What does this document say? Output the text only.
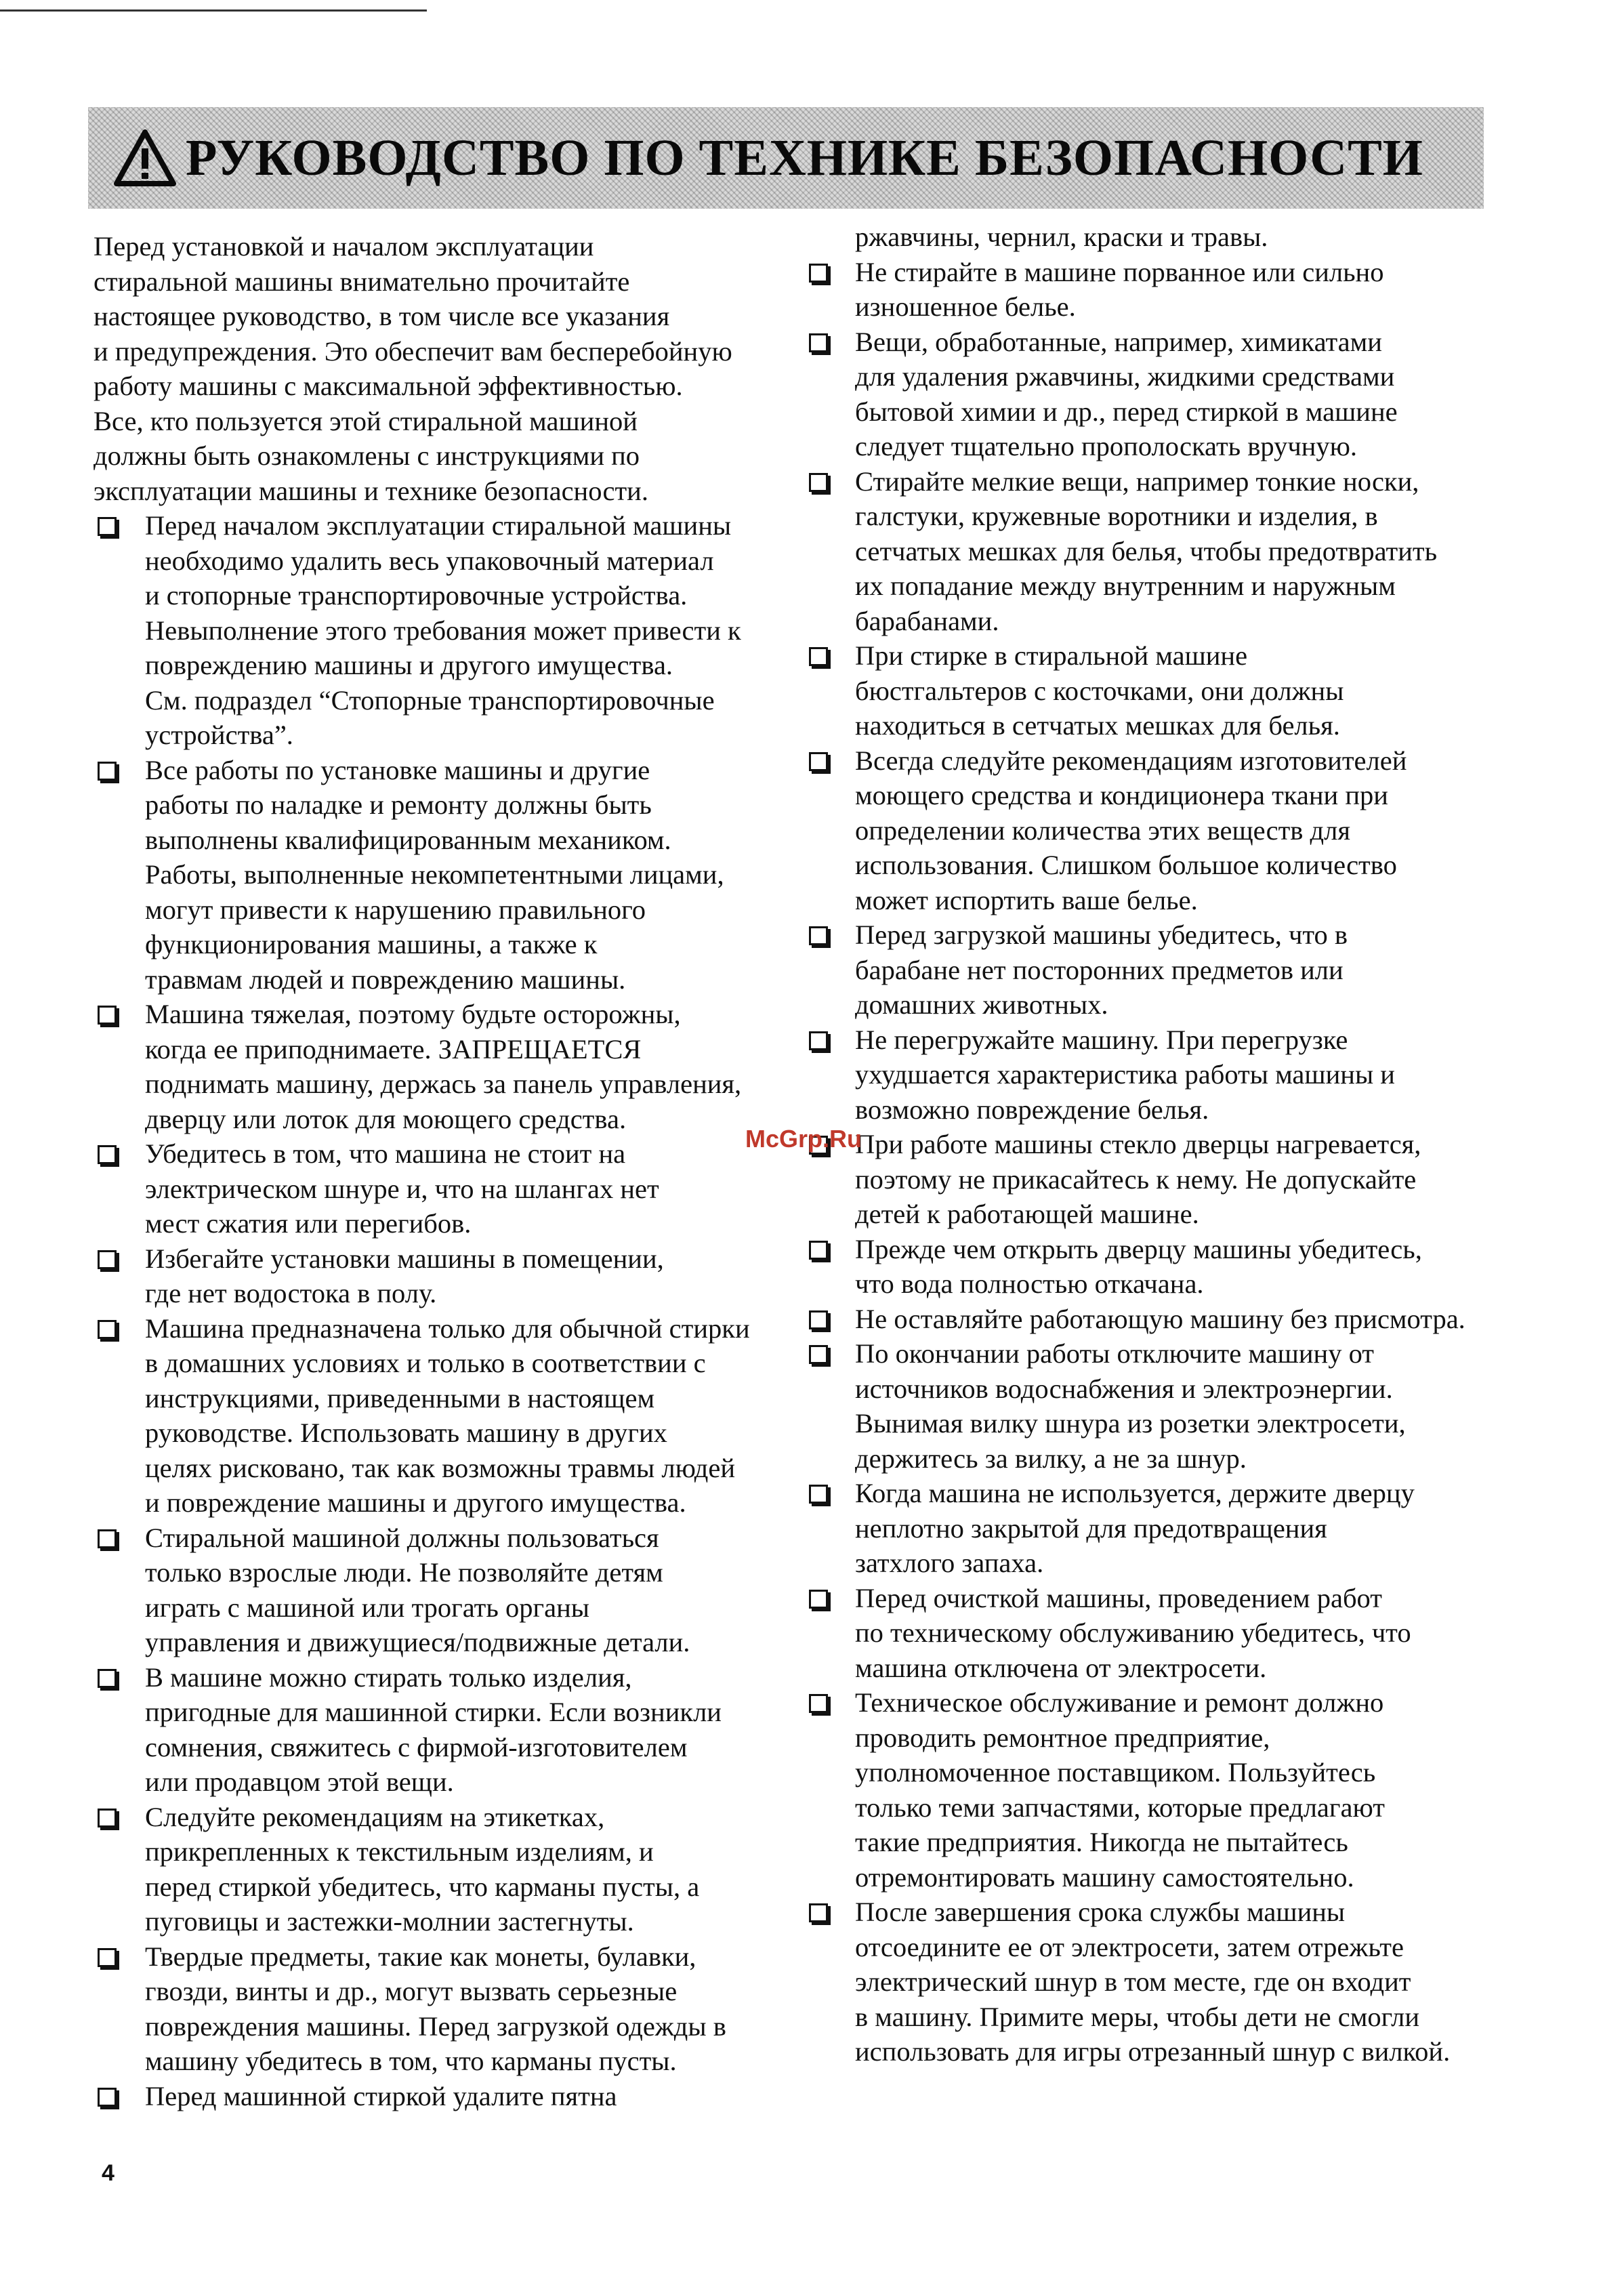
РУКОВОДСТВО ПО ТЕХНИКЕ БЕЗОПАСНОСТИ
Перед установкой и началом эксплуатации
стиральной машины внимательно прочитайте
настоящее руководство, в том числе все указания
и предупреждения. Это обеспечит вам бесперебойную
работу машины с максимальной эффективностью.
Все, кто пользуется этой стиральной машиной
должны быть ознакомлены с инструкциями по
эксплуатации машины и технике безопасности.
Перед началом эксплуатации стиральной машины
необходимо удалить весь упаковочный материал
и стопорные транспортировочные устройства.
Невыполнение этого требования может привести к
повреждению машины и другого имущества.
См. подраздел “Стопорные транспортировочные
устройства”.
Все работы по установке машины и другие
работы по наладке и ремонту должны быть
выполнены квалифицированным механиком.
Работы, выполненные некомпетентными лицами,
могут привести к нарушению правильного
функционирования машины, а также к
травмам людей и повреждению машины.
Машина тяжелая, поэтому будьте осторожны,
когда ее приподнимаете. ЗАПРЕЩАЕТСЯ
поднимать машину, держась за панель управления,
дверцу или лоток для моющего средства.
Убедитесь в том, что машина не стоит на
электрическом шнуре и, что на шлангах нет
мест сжатия или перегибов.
Избегайте установки машины в помещении,
где нет водостока в полу.
Машина предназначена только для обычной стирки
в домашних условиях и только в соответствии с
инструкциями, приведенными в настоящем
руководстве. Использовать машину в других
целях рисковано, так как возможны травмы людей
и повреждение машины и другого имущества.
Стиральной машиной должны пользоваться
только взрослые люди. Не позволяйте детям
играть с машиной или трогать органы
управления и движущиеся/подвижные детали.
В машине можно стирать только изделия,
пригодные для машинной стирки. Если возникли
сомнения, свяжитесь с фирмой-изготовителем
или продавцом этой вещи.
Следуйте рекомендациям на этикетках,
прикрепленных к текстильным изделиям, и
перед стиркой убедитесь, что карманы пусты, а
пуговицы и застежки-молнии застегнуты.
Твердые предметы, такие как монеты, булавки,
гвозди, винты и др., могут вызвать серьезные
повреждения машины. Перед загрузкой одежды в
машину убедитесь в том, что карманы пусты.
Перед машинной стиркой удалите пятна
ржавчины, чернил, краски и травы.
Не стирайте в машине порванное или сильно
изношенное белье.
Вещи, обработанные, например, химикатами
для удаления ржавчины, жидкими средствами
бытовой химии и др., перед стиркой в машине
следует тщательно прополоскать вручную.
Стирайте мелкие вещи, например тонкие носки,
галстуки, кружевные воротники и изделия, в
сетчатых мешках для белья, чтобы предотвратить
их попадание между внутренним и наружным
барабанами.
При стирке в стиральной машине
бюстгальтеров с косточками, они должны
находиться в сетчатых мешках для белья.
Всегда следуйте рекомендациям изготовителей
моющего средства и кондиционера ткани при
определении количества этих веществ для
использования. Слишком большое количество
может испортить ваше белье.
Перед загрузкой машины убедитесь, что в
барабане нет посторонних предметов или
домашних животных.
Не перегружайте машину. При перегрузке
ухудшается характеристика работы машины и
возможно повреждение белья.
При работе машины стекло дверцы нагревается,
поэтому не прикасайтесь к нему. Не допускайте
детей к работающей машине.
Прежде чем открыть дверцу машины убедитесь,
что вода полностью откачана.
Не оставляйте работающую машину без присмотра.
По окончании работы отключите машину от
источников водоснабжения и электроэнергии.
Вынимая вилку шнура из розетки электросети,
держитесь за вилку, а не за шнур.
Когда машина не используется, держите дверцу
неплотно закрытой для предотвращения
затхлого запаха.
Перед очисткой машины, проведением работ
по техническому обслуживанию убедитесь, что
машина отключена от электросети.
Техническое обслуживание и ремонт должно
проводить ремонтное предприятие,
уполномоченное поставщиком. Пользуйтесь
только теми запчастями, которые предлагают
такие предприятия. Никогда не пытайтесь
отремонтировать машину самостоятельно.
После завершения срока службы машины
отсоедините ее от электросети, затем отрежьте
электрический шнур в том месте, где он входит
в машину. Примите меры, чтобы дети не смогли
использовать для игры отрезанный шнур с вилкой.
McGrp.Ru
4
